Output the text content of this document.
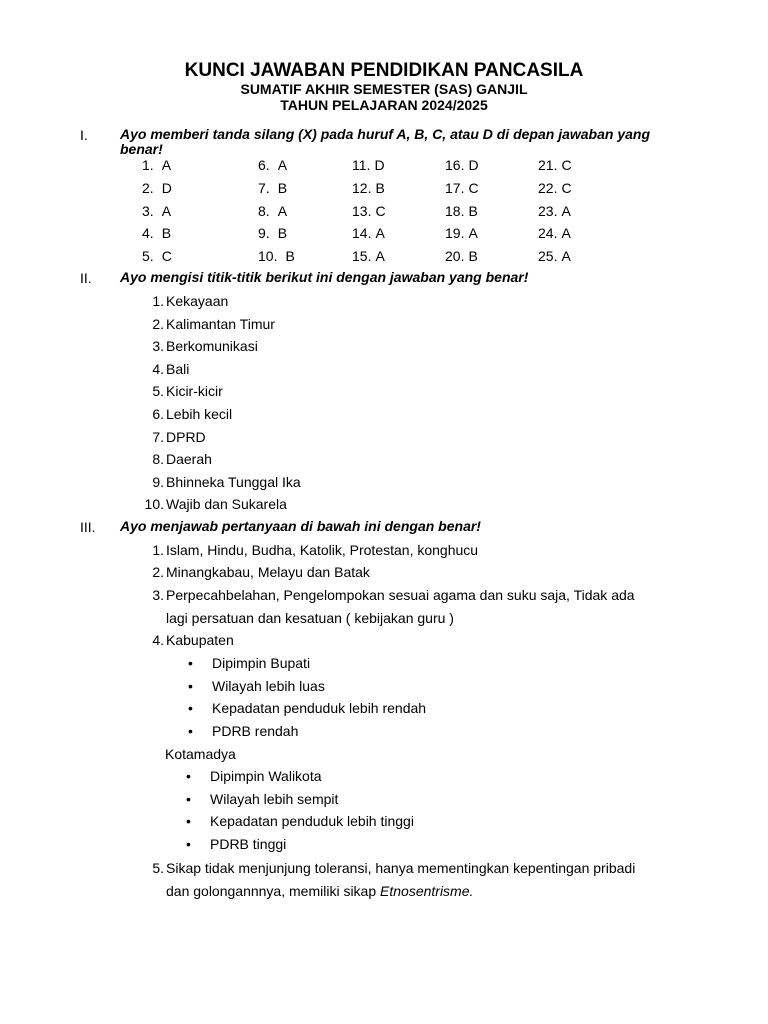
KUNCI JAWABAN PENDIDIKAN PANCASILA
SUMATIF AKHIR SEMESTER (SAS) GANJIL
TAHUN PELAJARAN 2024/2025
I.	Ayo memberi tanda silang (X) pada huruf A, B, C, atau D di depan jawaban yang benar!
1. A
2. D
3. A
4. B
5. C
6. A
7. B
8. A
9. B
10. B
11. D
12. B
13. C
14. A
15. A
16. D
17. C
18. B
19. A
20. B
21. C
22. C
23. A
24. A
25. A
II.	Ayo mengisi titik-titik berikut ini dengan jawaban yang benar!
1. Kekayaan
2. Kalimantan Timur
3. Berkomunikasi
4. Bali
5. Kicir-kicir
6. Lebih kecil
7. DPRD
8. Daerah
9. Bhinneka Tunggal Ika
10. Wajib dan Sukarela
III.	Ayo menjawab pertanyaan di bawah ini dengan benar!
1. Islam, Hindu, Budha, Katolik, Protestan, konghucu
2. Minangkabau, Melayu dan Batak
3. Perpecahbelahan, Pengelompokan sesuai agama dan suku saja, Tidak ada
lagi persatuan dan kesatuan ( kebijakan guru )
4. Kabupaten
• Dipimpin Bupati
• Wilayah lebih luas
• Kepadatan penduduk lebih rendah
• PDRB rendah
Kotamadya
• Dipimpin Walikota
• Wilayah lebih sempit
• Kepadatan penduduk lebih tinggi
• PDRB tinggi
5. Sikap tidak menjunjung toleransi, hanya mementingkan kepentingan pribadi
dan golongannnya, memiliki sikap Etnosentrisme.
